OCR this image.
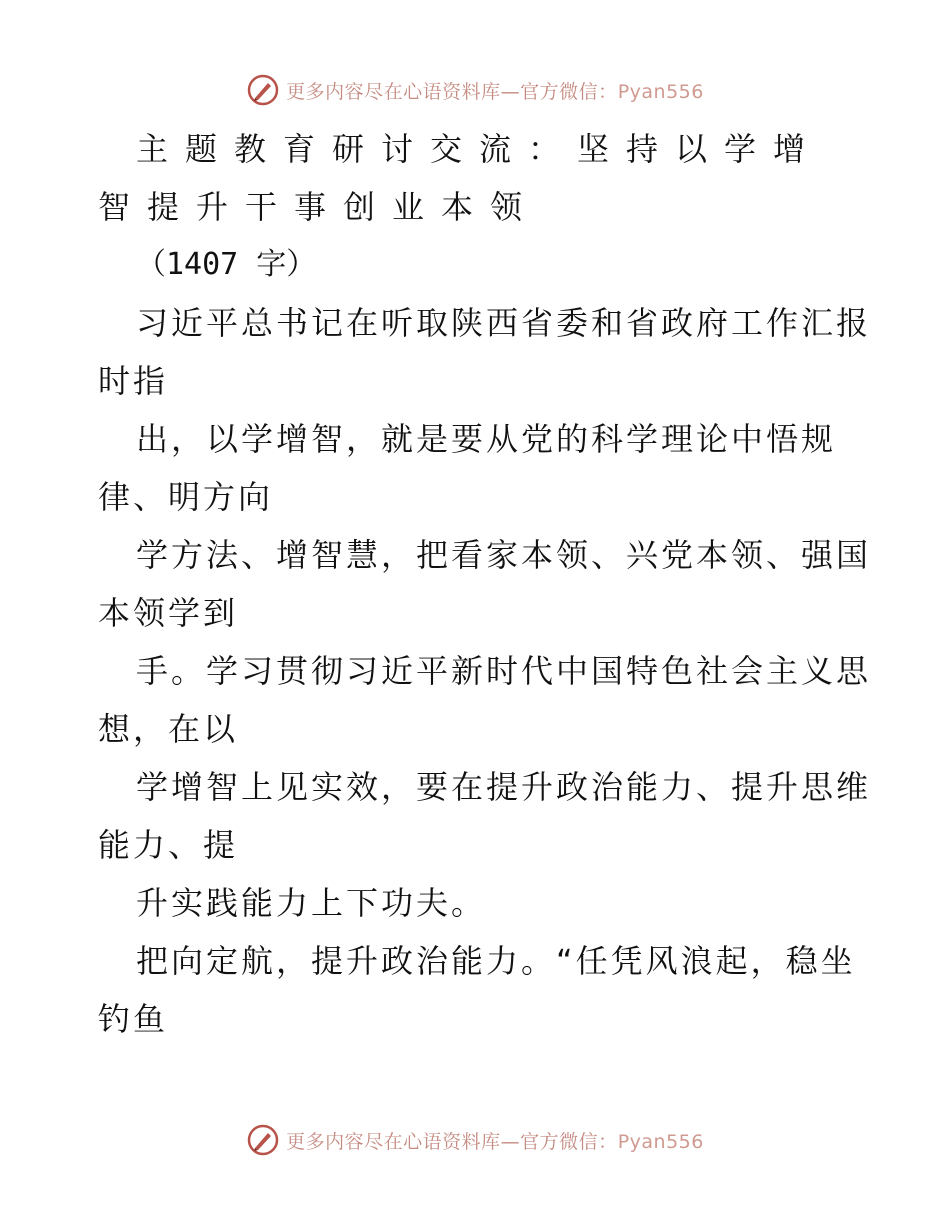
更多内容尽在心语资料库—官方微信：Pyan556

主题教育研讨交流：坚持以学增
智提升干事创业本领

（1407 字）

习近平总书记在听取陕西省委和省政府工作汇报
时指

出，以学增智，就是要从党的科学理论中悟规
律、明方向

学方法、增智慧，把看家本领、兴党本领、强国
本领学到

手。学习贯彻习近平新时代中国特色社会主义思
想，在以

学增智上见实效，要在提升政治能力、提升思维
能力、提

升实践能力上下功夫。

把向定航，提升政治能力。“任凭风浪起，稳坐
钓鱼

更多内容尽在心语资料库—官方微信：Pyan556
